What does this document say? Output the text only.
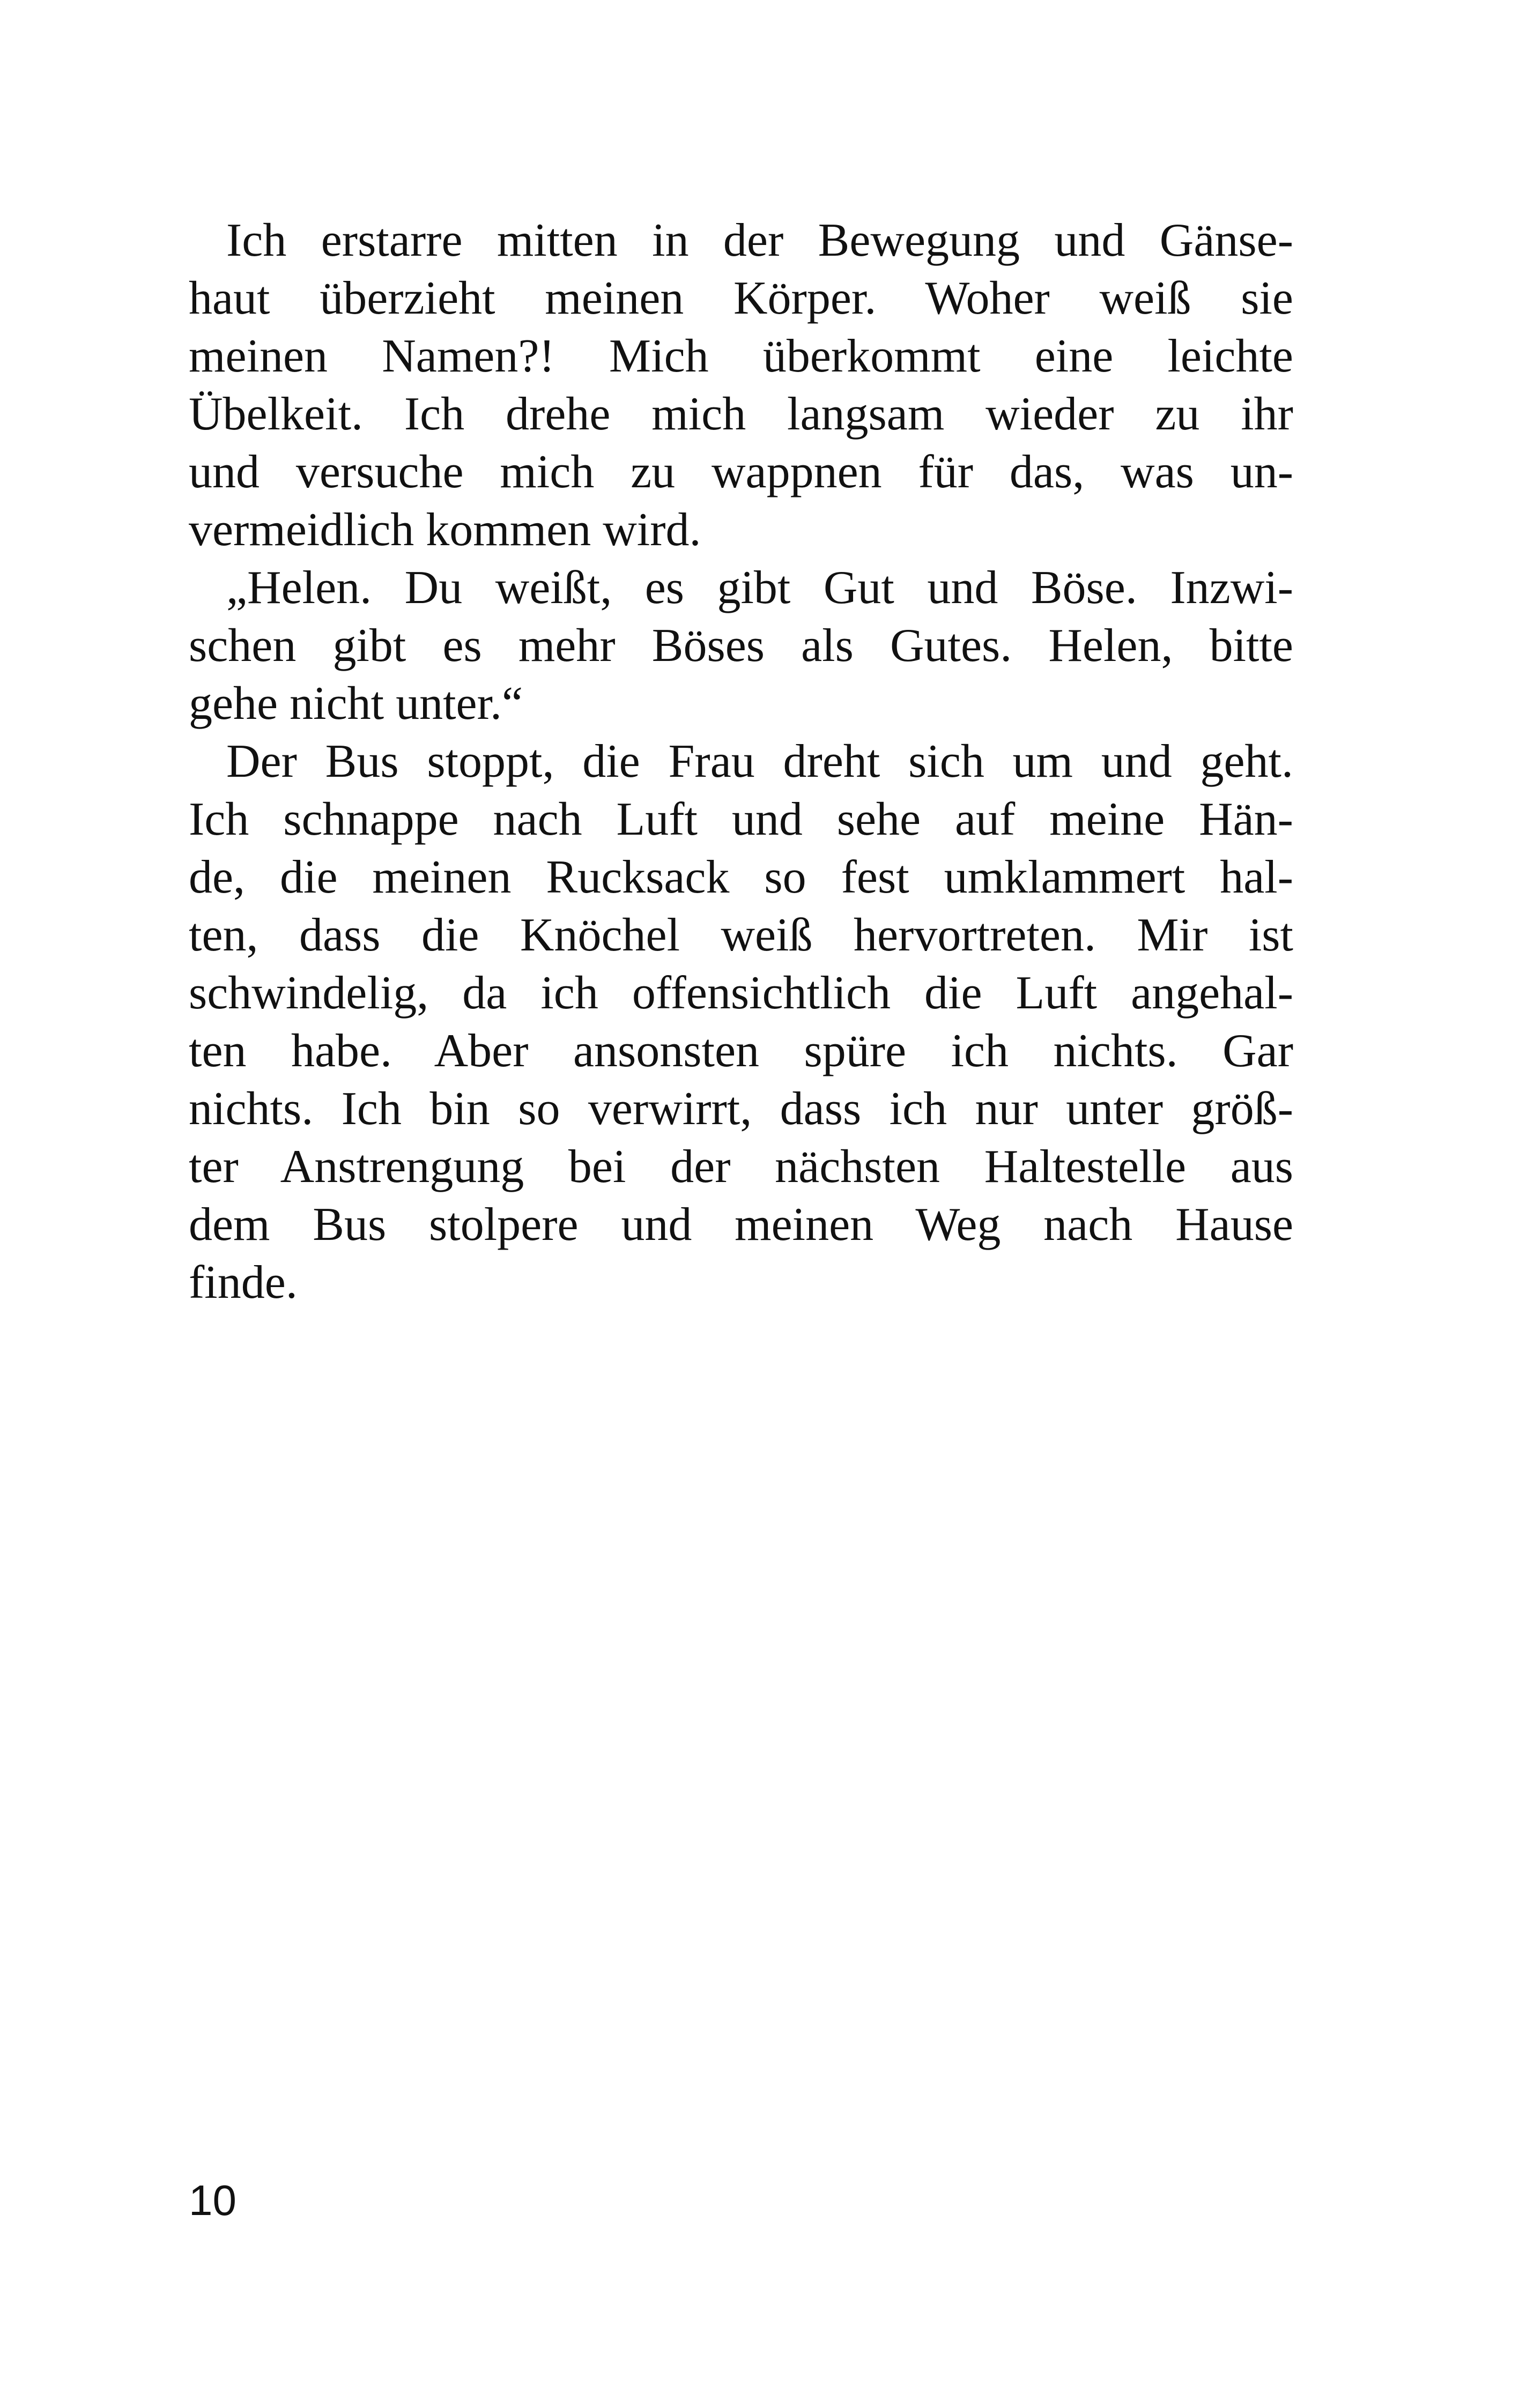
Ich erstarre mitten in der Bewegung und Gänse-
haut überzieht meinen Körper. Woher weiß sie
meinen Namen?! Mich überkommt eine leichte
Übelkeit. Ich drehe mich langsam wieder zu ihr
und versuche mich zu wappnen für das, was un-
vermeidlich kommen wird.
„Helen. Du weißt, es gibt Gut und Böse. Inzwi-
schen gibt es mehr Böses als Gutes. Helen, bitte
gehe nicht unter.“
Der Bus stoppt, die Frau dreht sich um und geht.
Ich schnappe nach Luft und sehe auf meine Hän-
de, die meinen Rucksack so fest umklammert hal-
ten, dass die Knöchel weiß hervortreten. Mir ist
schwindelig, da ich offensichtlich die Luft angehal-
ten habe. Aber ansonsten spüre ich nichts. Gar
nichts. Ich bin so verwirrt, dass ich nur unter größ-
ter Anstrengung bei der nächsten Haltestelle aus
dem Bus stolpere und meinen Weg nach Hause
finde.
10
